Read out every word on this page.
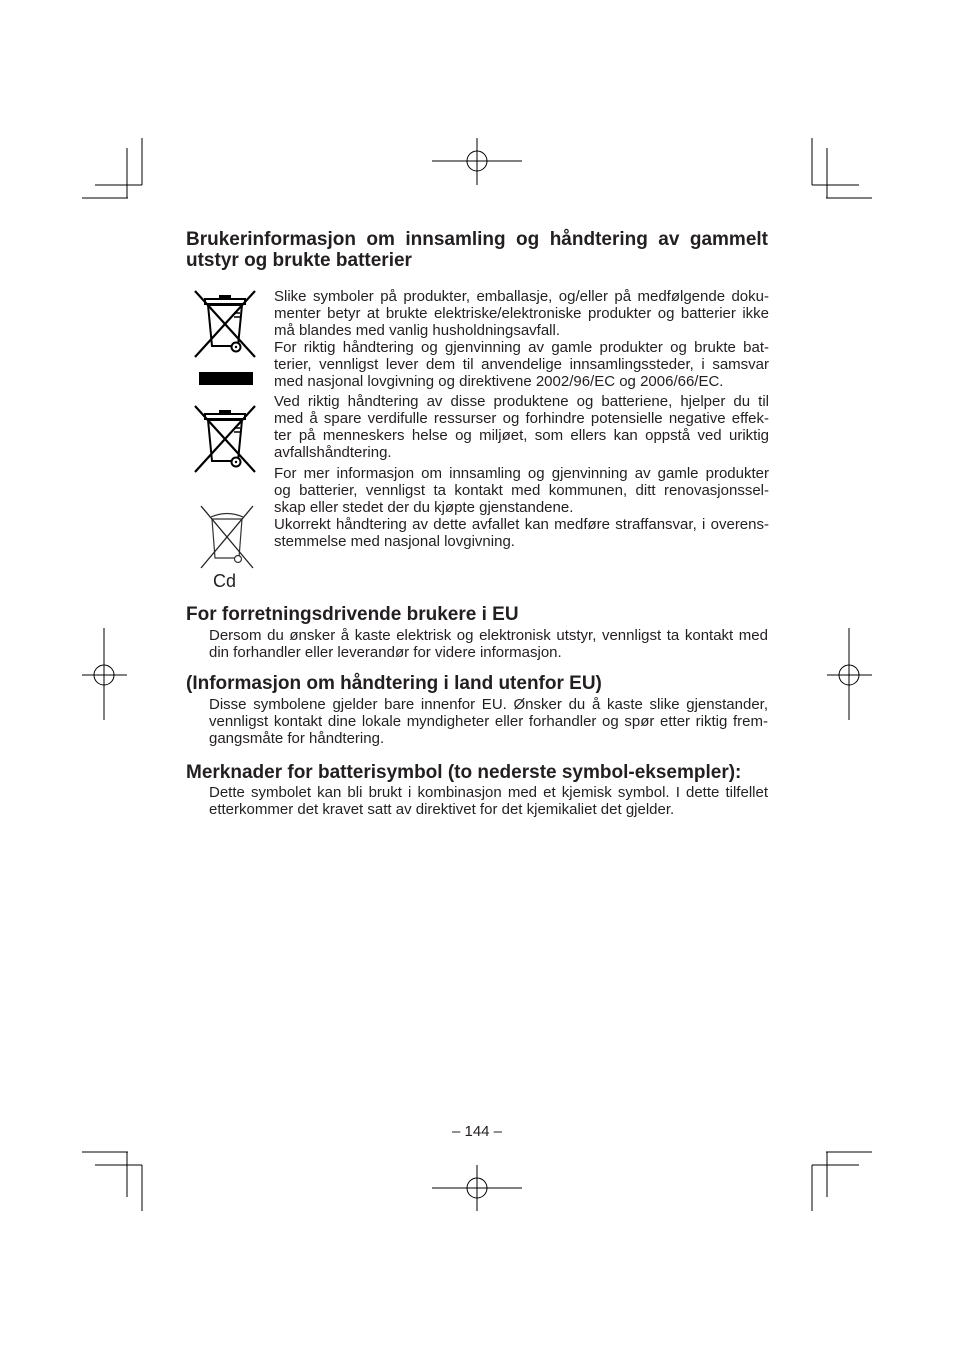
Brukerinformasjon om innsamling og håndtering av gammelt
utstyr og brukte batterier
Cd
Slike symboler på produkter, emballasje, og/eller på medfølgende doku-
menter betyr at brukte elektriske/elektroniske produkter og batterier ikke
må blandes med vanlig husholdningsavfall.
For riktig håndtering og gjenvinning av gamle produkter og brukte bat-
terier, vennligst lever dem til anvendelige innsamlingssteder, i samsvar
med nasjonal lovgivning og direktivene 2002/96/EC og 2006/66/EC.
Ved riktig håndtering av disse produktene og batteriene, hjelper du til
med å spare verdifulle ressurser og forhindre potensielle negative effek-
ter på menneskers helse og miljøet, som ellers kan oppstå ved uriktig
avfallshåndtering.
For mer informasjon om innsamling og gjenvinning av gamle produkter
og batterier, vennligst ta kontakt med kommunen, ditt renovasjonssel-
skap eller stedet der du kjøpte gjenstandene.
Ukorrekt håndtering av dette avfallet kan medføre straffansvar, i overens-
stemmelse med nasjonal lovgivning.
For forretningsdrivende brukere i EU
Dersom du ønsker å kaste elektrisk og elektronisk utstyr, vennligst ta kontakt med
din forhandler eller leverandør for videre informasjon.
(Informasjon om håndtering i land utenfor EU)
Disse symbolene gjelder bare innenfor EU. Ønsker du å kaste slike gjenstander,
vennligst kontakt dine lokale myndigheter eller forhandler og spør etter riktig frem-
gangsmåte for håndtering.
Merknader for batterisymbol (to nederste symbol-eksempler):
Dette symbolet kan bli brukt i kombinasjon med et kjemisk symbol. I dette tilfellet
etterkommer det kravet satt av direktivet for det kjemikaliet det gjelder.
– 144 –
